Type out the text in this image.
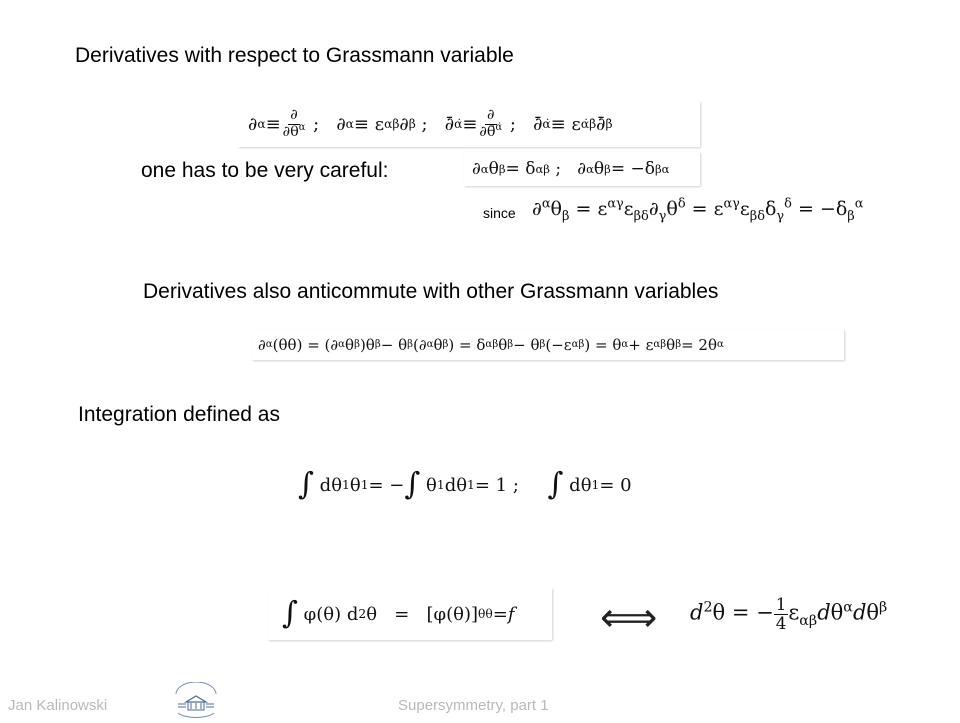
Derivatives with respect to Grassmann variable
∂ $\alpha \equiv \frac{\partial}{\partial\theta^\alpha}$ ;   ∂ α ≡ ε αβ ∂ β ;   ∂̄ α̇ ≡ $\frac{\partial}{\partial\thetā^{\alphȧ}}$ ;   ∂̄ α̇ ≡ ε α̇β̇ ∂̄ β̇
one has to be very careful:	∂ α θ β = δ α β ;   ∂ α θ β = −δ β α
since $\partial^\alpha\theta_\beta = \varepsilon^{\alpha\gamma}\varepsilon_{\beta\delta}\partial_\gamma\theta^\delta = \varepsilon^{\alpha\gamma}\varepsilon_{\beta\delta}\delta_\gamma^\delta = -\delta_\beta^\alpha$
Derivatives also anticommute with other Grassmann variables
∂ α (θθ) = (∂ α θ β )θ β − θ β (∂ α θ β ) = δ α β θ β − θ β (−ε αβ ) = θ α + ε αβ θ β = 2θ α
Integration defined as
∫ dθ 1 θ 1 = − ∫ θ 1 dθ 1 = 1 ; ∫ dθ 1 = 0
∫ φ(θ) d 2 θ   =   [φ(θ)] θθ = f ⟺ $d^2\theta$ = − $\frac{1}{4} \varepsilon_{\alpha\beta}d\theta^\alpha d\theta^\beta$
Jan Kalinowski	Supersymmetry, part 1
